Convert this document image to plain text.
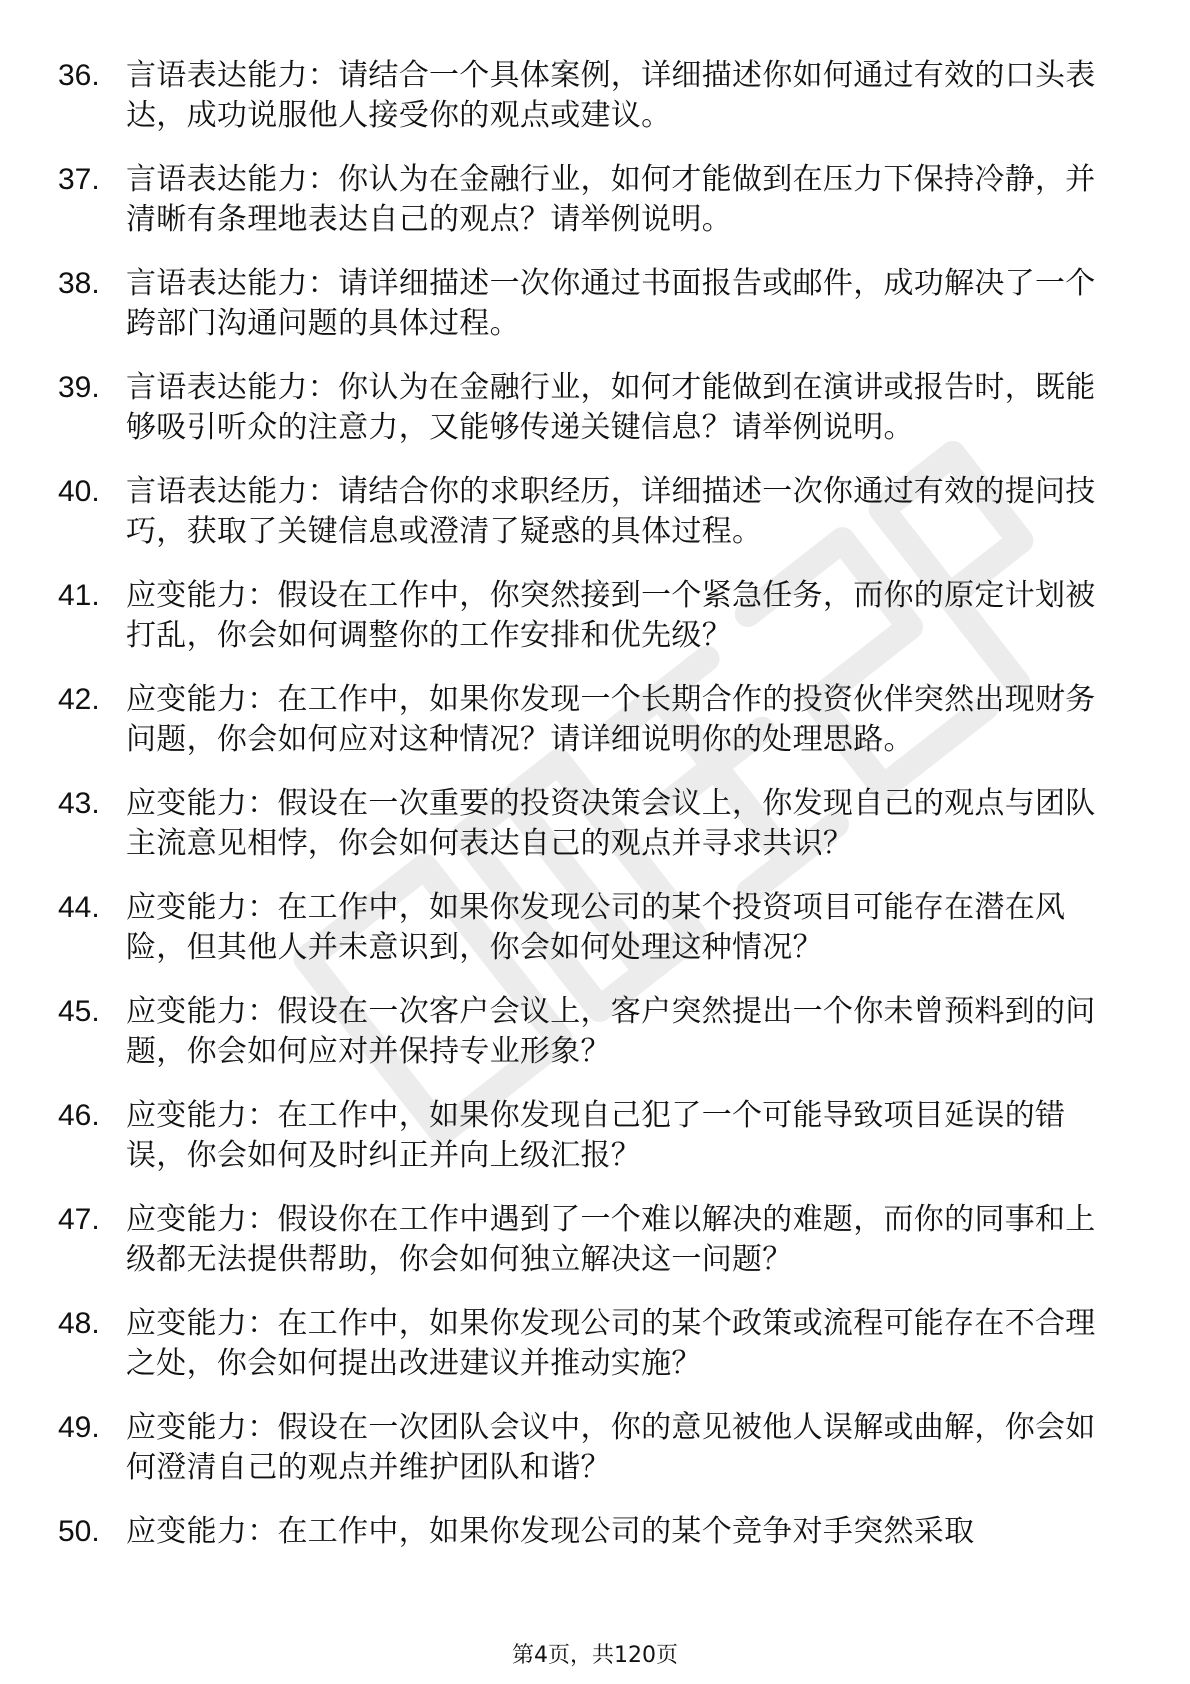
36. 言语表达能力：请结合一个具体案例，详细描述你如何通过有效的口头表达，成功说服他人接受你的观点或建议。
37. 言语表达能力：你认为在金融行业，如何才能做到在压力下保持冷静，并清晰有条理地表达自己的观点？请举例说明。
38. 言语表达能力：请详细描述一次你通过书面报告或邮件，成功解决了一个跨部门沟通问题的具体过程。
39. 言语表达能力：你认为在金融行业，如何才能做到在演讲或报告时，既能够吸引听众的注意力，又能够传递关键信息？请举例说明。
40. 言语表达能力：请结合你的求职经历，详细描述一次你通过有效的提问技巧，获取了关键信息或澄清了疑惑的具体过程。
41. 应变能力：假设在工作中，你突然接到一个紧急任务，而你的原定计划被打乱，你会如何调整你的工作安排和优先级？
42. 应变能力：在工作中，如果你发现一个长期合作的投资伙伴突然出现财务问题，你会如何应对这种情况？请详细说明你的处理思路。
43. 应变能力：假设在一次重要的投资决策会议上，你发现自己的观点与团队主流意见相悖，你会如何表达自己的观点并寻求共识？
44. 应变能力：在工作中，如果你发现公司的某个投资项目可能存在潜在风险，但其他人并未意识到，你会如何处理这种情况？
45. 应变能力：假设在一次客户会议上，客户突然提出一个你未曾预料到的问题，你会如何应对并保持专业形象？
46. 应变能力：在工作中，如果你发现自己犯了一个可能导致项目延误的错误，你会如何及时纠正并向上级汇报？
47. 应变能力：假设你在工作中遇到了一个难以解决的难题，而你的同事和上级都无法提供帮助，你会如何独立解决这一问题？
48. 应变能力：在工作中，如果你发现公司的某个政策或流程可能存在不合理之处，你会如何提出改进建议并推动实施？
49. 应变能力：假设在一次团队会议中，你的意见被他人误解或曲解，你会如何澄清自己的观点并维护团队和谐？
50. 应变能力：在工作中，如果你发现公司的某个竞争对手突然采取
第4页，共120页
